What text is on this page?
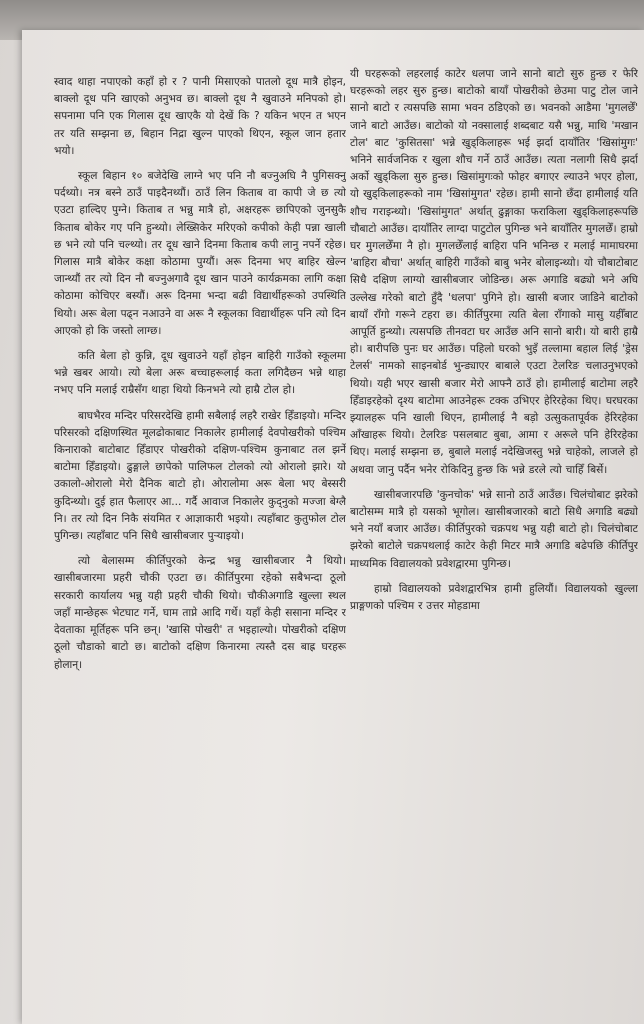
स्वाद थाहा नपाएको कहाँ हो र ? पानी मिसाएको पातलो दूध मात्रै होइन, बाक्लो दूध पनि खाएको अनुभव छ। बाक्लो दूध नै खुवाउने मनिपको हो। सपनामा पनि एक गिलास दूध खाएकै यो देखें कि ? यकिन भएन त भएन तर यति सम्झना छ, बिहान निद्रा खुल्न पाएको थिएन, स्कूल जान हतार भयो।

स्कूल बिहान १० बजेदेखि लाग्ने भए पनि नौ बज्नुअघि नै पुगिसक्नु पर्दथ्यो। नत्र बस्ने ठाउँ पाइदैनथ्यौं। ठाउँ लिन किताब वा कापी जे छ त्यो एउटा हाल्दिए पुग्ने। किताब त भन्नु मात्रै हो, अक्षरहरू छापिएको जुनसुकै किताब बोकेर गए पनि हुन्थ्यो। लेख्सिकेर मरिएको कपीको केही पन्ना खाली छ भने त्यो पनि चल्थ्यो। तर दूध खाने दिनमा किताब कपी लानु नपर्ने रहेछ। गिलास मात्रै बोकेर कक्षा कोठामा पुग्यौं। अरू दिनमा भए बाहिर खेल्न जान्थ्यौं तर त्यो दिन नौ बज्नुअगावै दूध खान पाउने कार्यक्रमका लागि कक्षा कोठामा कोचिएर बस्यौं। अरू दिनमा भन्दा बढी विद्यार्थीहरूको उपस्थिति थियो। अरू बेला पढ्न नआउने वा अरू नै स्कूलका विद्यार्थीहरू पनि त्यो दिन आएको हो कि जस्तो लाग्छ।

कति बेला हो कुन्नि, दूध खुवाउने यहाँ होइन बाहिरी गाउँको स्कूलमा भन्ने खबर आयो। त्यो बेला अरू बच्चाहरूलाई कता लगिदैछन भन्ने थाहा नभए पनि मलाई राम्रैसँग थाहा थियो किनभने त्यो हाम्रै टोल हो।

बाघभैरव मन्दिर परिसरदेखि हामी सबैलाई लहरै राखेर हिँडाइयो। मन्दिर परिसरको दक्षिणस्थित मूलढोकाबाट निकालेर हामीलाई देवपोखरीको पश्चिम किनाराको बाटोबाट हिँडाएर पोखरीको दक्षिण-पश्चिम कुनाबाट तल झर्ने बाटोमा हिँडाइयो। ढुङ्गाले छापेको पालिफल टोलको त्यो ओरालो झारे। यो उकालो-ओरालो मेरो दैनिक बाटो हो। ओरालोमा अरू बेला भए बेस्सरी कुदिन्थ्यो। दुई हात फैलाएर आ... गर्दै आवाज निकालेर कुद्नुको मज्जा बेग्लै नि। तर त्यो दिन निकै संयमित र आज्ञाकारी भइयो। त्यहाँबाट कुतुफोल टोल पुगिन्छ। त्यहाँबाट पनि सिधै खासीबजार पुऱ्याइयो।

त्यो बेलासम्म कीर्तिपुरको केन्द्र भन्नु खासीबजार नै थियो। खासीबजारमा प्रहरी चौकी एउटा छ। कीर्तिपुरमा रहेको सबैभन्दा ठूलो सरकारी कार्यालय भन्नु यही प्रहरी चौकी थियो। चौकीअगाडि खुल्ला स्थल जहाँ मान्छेहरू भेटघाट गर्ने, घाम ताप्ने आदि गर्थे। यहाँ केही ससाना मन्दिर र देवताका मूर्तिहरू पनि छन्। 'खासि पोखरी' त भइहाल्यो। पोखरीको दक्षिण ठूलो चौडाको बाटो छ। बाटोको दक्षिण किनारमा त्यस्तै दस बाह्र घरहरू होलान्।

यी घरहरूको लहरलाई काटेर धलपा जाने सानो बाटो सुरु हुन्छ र फेरि घरहरूको लहर सुरु हुन्छ। बाटोको बायाँ पोखरीको छेउमा पाटु टोल जाने सानो बाटो र त्यसपछि सामा भवन ठडिएको छ। भवनको आडैमा 'मुगलछेँ' जाने बाटो आउँछ। बाटोको यो नक्सालाई शब्दबाट यसै भन्नु, माथि 'मखान टोल' बाट 'कुसितसा' भन्ने खुड्किलाहरू भई झर्दा दायाँतिर 'खिसांमुगः' भनिने सार्वजनिक र खुला शौच गर्ने ठाउँ आउँछ। त्यता नलागी सिधै झर्दा अर्को खुड्किला सुरु हुन्छ। खिसांमुगःको फोहर बगाएर ल्याउने भएर होला, यो खुड्किलाहरूको नाम 'खिसांमुगत' रहेछ। हामी सानो छँदा हामीलाई यति शौच गराइन्थ्यो। 'खिसांमुगत' अर्थात् ढुङ्गाका फराकिला खुड्किलाहरूपछि चौबाटो आउँछ। दायाँतिर लाग्दा पाटुटोल पुगिन्छ भने बायाँतिर मुगलछेँ। हाम्रो घर मुगलछेँमा नै हो। मुगलछेँलाई बाहिरा पनि भनिन्छ र मलाई मामाघरमा 'बाहिरा बौचा' अर्थात् बाहिरी गाउँको बाबु भनेर बोलाइन्थ्यो। यो चौबाटोबाट सिधै दक्षिण लाग्यो खासीबजार जोडिन्छ। अरू अगाडि बढ्यो भने अघि उल्लेख गरेको बाटो हुँदै 'धलपा' पुगिने हो। खासी बजार जाडिने बाटोको बायाँ राँगो गरूने टहरा छ। कीर्तिपुरमा त्यति बेला राँगाको मासु यहीँबाट आपूर्ति हुन्थ्यो। त्यसपछि तीनवटा घर आउँछ अनि सानो बारी। यो बारी हाम्रै हो। बारीपछि पुनः घर आउँछ। पहिलो घरको भुइँ तल्लामा बहाल लिई 'ड्रेस टेलर्स' नामको साइनबोर्ड भुन्ड्याएर बाबाले एउटा टेलरिङ चलाउनुभएको थियो। यही भएर खासी बजार मेरो आफ्नै ठाउँ हो। हामीलाई बाटोमा लहरै हिँडाइरहेको दृश्य बाटोमा आउनेहरू टक्क उभिएर हेरिरहेका थिए। घरघरका झ्यालहरू पनि खाली थिएन, हामीलाई नै बड़ो उत्सुकतापूर्वक हेरिरहेका आँखाहरू थियो। टेलरिङ पसलबाट बुबा, आमा र अरूले पनि हेरिरहेका थिए। मलाई सम्झना छ, बुबाले मलाई नदेखिजस्तु भन्ने चाहेको, लाजले हो अथवा जानु पर्दैन भनेर रोकिदिनु हुन्छ कि भन्ने डरले त्यो चाहिँ बिर्से।

खासीबजारपछि 'कुनचोक' भन्ने सानो ठाउँ आउँछ। चिलंचोबाट झरेको बाटोसम्म मात्रै हो यसको भूगोल। खासीबजारको बाटो सिधै अगाडि बढ्यो भने नयाँ बजार आउँछ। कीर्तिपुरको चक्रपथ भन्नु यही बाटो हो। चिलंचोबाट झरेको बाटोले चक्रपथलाई काटेर केही मिटर मात्रै अगाडि बढेपछि कीर्तिपुर माध्यमिक विद्यालयको प्रवेशद्वारमा पुगिन्छ।

हाम्रो विद्यालयको प्रवेशद्वारभित्र हामी हुलियौं। विद्यालयको खुल्ला प्राङ्गणको पश्चिम र उत्तर मोहडामा
